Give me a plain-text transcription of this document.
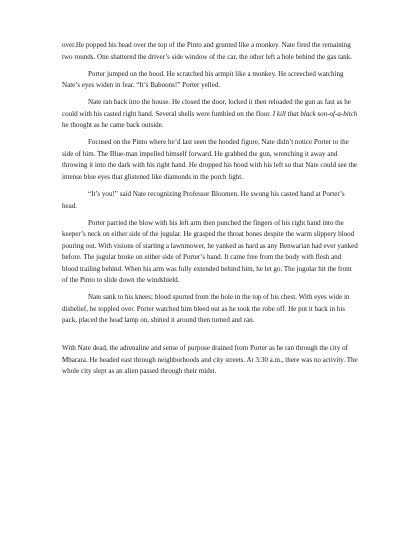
over.He popped his head over the top of the Pinto and grunted like a monkey. Nate fired the remaining two rounds. One shattered the driver’s side window of the car, the other left a hole behind the gas tank.

Porter jumped on the hood. He scratched his armpit like a monkey. He screeched watching Nate’s eyes widen in fear. “It’s Baboons!” Porter yelled.

Nate ran back into the house. He closed the door, locked it then reloaded the gun as fast as he could with his casted right hand. Several shells were fumbled on the floor. I kill that black son-of-a-bitch he thought as he came back outside.

Focused on the Pinto where he’d last seen the hooded figure, Nate didn’t notice Porter to the side of him. The Blue-man impelled himself forward. He grabbed the gun, wrenching it away and throwing it into the dark with his right hand. He dropped his hood with his left so that Nate could see the intense blue eyes that glistened like diamonds in the porch light.

“It’s you!” said Nate recognizing Professor Bloomen. He swung his casted hand at Porter’s head.

Porter parried the blow with his left arm then punched the fingers of his right hand into the keeper’s neck on either side of the jugular. He grasped the throat bones despite the warm slippery blood pouring out. With visions of starting a lawnmower, he yanked as hard as any Benwarian had ever yanked before. The jugular broke on either side of Porter’s hand. It came free from the body with flesh and blood trailing behind. When his arm was fully extended behind him, he let go. The jugular hit the front of the Pinto to slide down the windshield.

Nate sank to his knees; blood spurted from the hole in the top of his chest. With eyes wide in disbelief, he toppled over. Porter watched him bleed out as he took the robe off. He put it back in his pack, placed the head lamp on, shined it around then turned and ran.

With Nate dead, the adrenaline and sense of purpose drained from Porter as he ran through the city of Mbarara. He headed east through neighborhoods and city streets. At 3:30 a.m., there was no activity. The whole city slept as an alien passed through their midst.
